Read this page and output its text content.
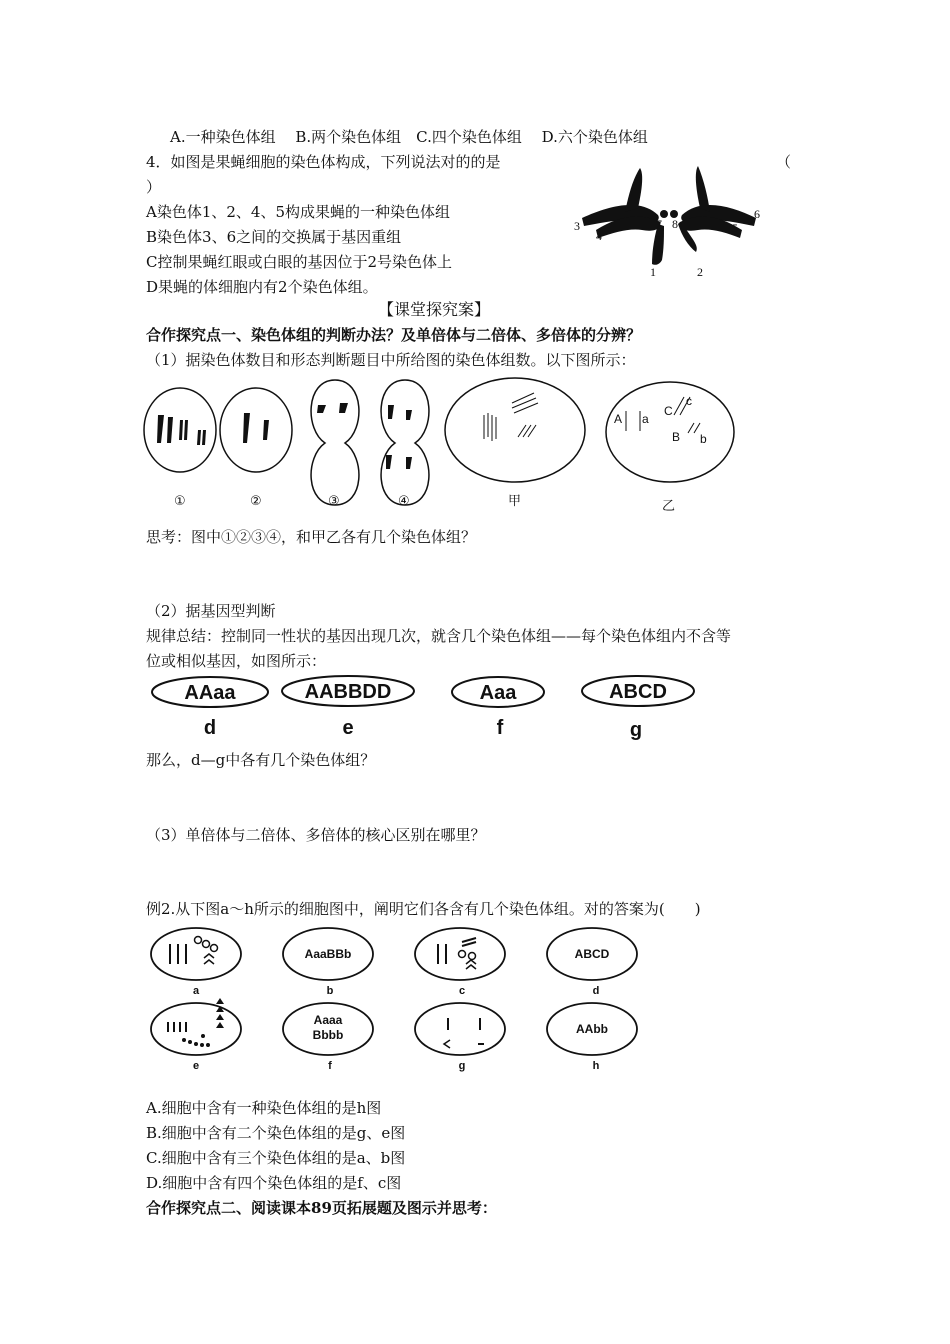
A.一种染色体组　 B.两个染色体组　C.四个染色体组　 D.六个染色体组
4．如图是果蝇细胞的染色体构成，下列说法对的的是	（
）
A染色体1、2、4、5构成果蝇的一种染色体组
B染色体3、6之间的交换属于基因重组
C控制果蝇红眼或白眼的基因位于2号染色体上
D果蝇的体细胞内有2个染色体组。
1	2
3
4
5
6
7 8
【课堂探究案】
合作探究点一、染色体组的判断办法？及单倍体与二倍体、多倍体的分辨？
（1）据染色体数目和形态判断题目中所给图的染色体组数。以下图所示：
A a
C
c
B b
①	②	③	④	甲	乙
思考：图中①②③④，和甲乙各有几个染色体组？
（2）据基因型判断
规律总结：控制同一性状的基因出现几次，就含几个染色体组——每个染色体组内不含等
位或相似基因，如图所示：
AAaa	AABBDD	Aaa	ABCD
d	e	f	g
那么，d—g中各有几个染色体组？
（3）单倍体与二倍体、多倍体的核心区别在哪里？
例2.从下图a～h所示的细胞图中，阐明它们各含有几个染色体组。对的答案为(　　)
AaaBBb	ABCD
Aaaa
Bbbb	AAbb
a	b	c	d
e	f	g	h
A.细胞中含有一种染色体组的是h图
B.细胞中含有二个染色体组的是g、e图
C.细胞中含有三个染色体组的是a、b图
D.细胞中含有四个染色体组的是f、c图
合作探究点二、阅读课本89页拓展题及图示并思考：
